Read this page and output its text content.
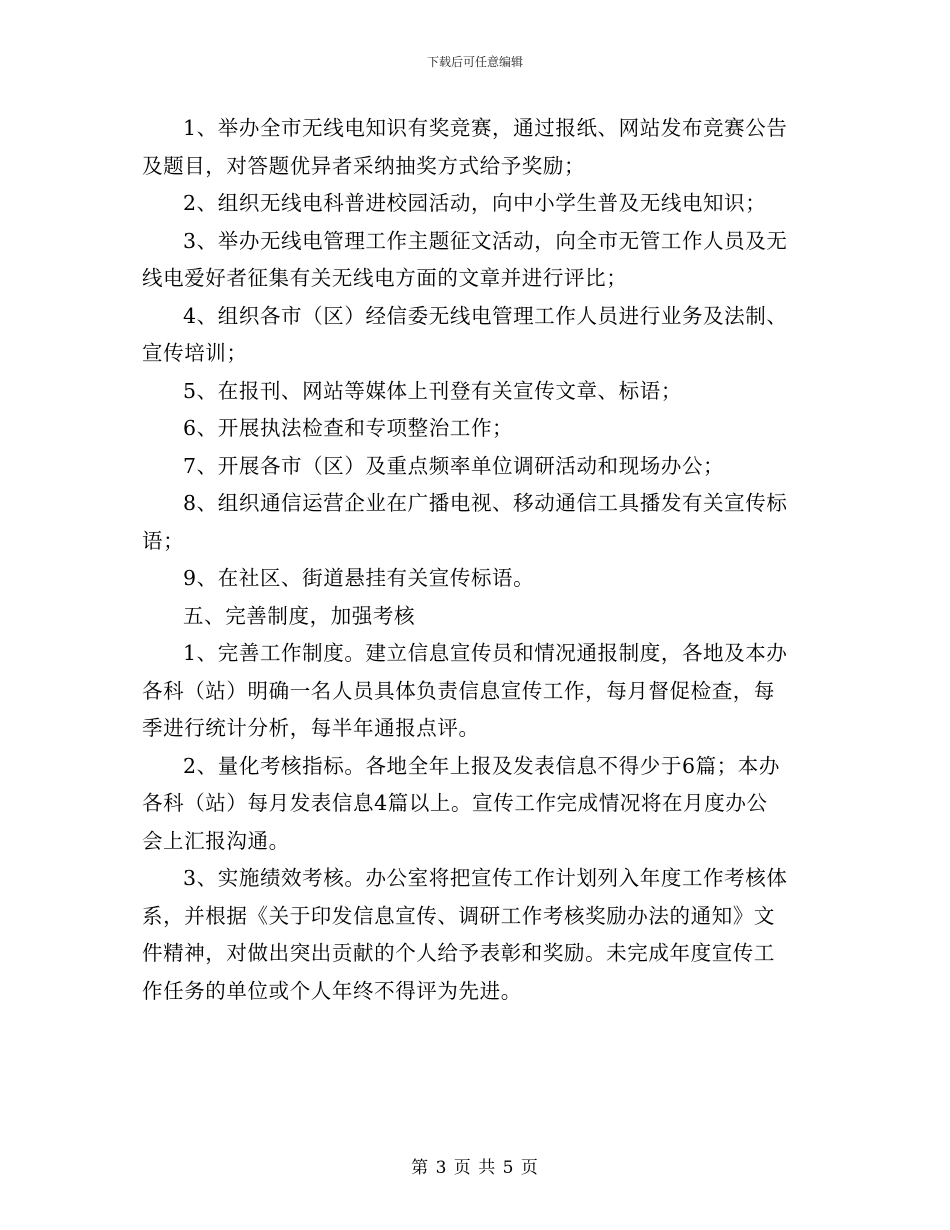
下载后可任意编辑

1、举办全市无线电知识有奖竞赛，通过报纸、网站发布竞赛公告
及题目，对答题优异者采纳抽奖方式给予奖励；

2、组织无线电科普进校园活动，向中小学生普及无线电知识；

3、举办无线电管理工作主题征文活动，向全市无管工作人员及无
线电爱好者征集有关无线电方面的文章并进行评比；

4、组织各市（区）经信委无线电管理工作人员进行业务及法制、
宣传培训；

5、在报刊、网站等媒体上刊登有关宣传文章、标语；

6、开展执法检查和专项整治工作；

7、开展各市（区）及重点频率单位调研活动和现场办公；

8、组织通信运营企业在广播电视、移动通信工具播发有关宣传标
语；

9、在社区、街道悬挂有关宣传标语。

五、完善制度，加强考核

1、完善工作制度。建立信息宣传员和情况通报制度，各地及本办
各科（站）明确一名人员具体负责信息宣传工作，每月督促检查，每
季进行统计分析，每半年通报点评。

2、量化考核指标。各地全年上报及发表信息不得少于6篇；本办
各科（站）每月发表信息4篇以上。宣传工作完成情况将在月度办公
会上汇报沟通。

3、实施绩效考核。办公室将把宣传工作计划列入年度工作考核体
系，并根据《关于印发信息宣传、调研工作考核奖励办法的通知》文
件精神，对做出突出贡献的个人给予表彰和奖励。未完成年度宣传工
作任务的单位或个人年终不得评为先进。

第 3 页 共 5 页
